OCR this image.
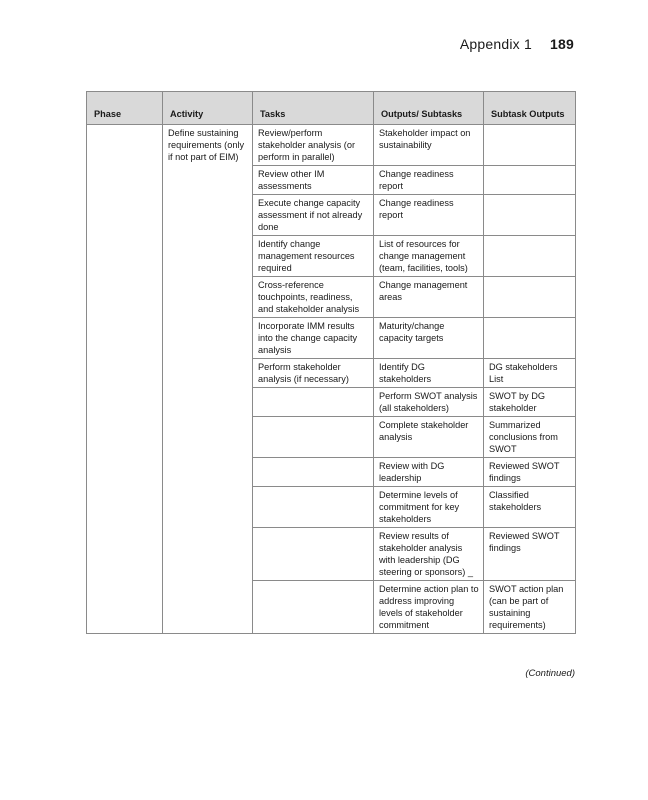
Appendix 1 189
Phase	Activity	Tasks	Outputs/ Subtasks	Subtask Outputs
	Define sustaining requirements (only if not part of EIM)	Review/perform stakeholder analysis (or perform in parallel)	Stakeholder impact on sustainability	
		Review other IM assessments	Change readiness report	
		Execute change capacity assessment if not already done	Change readiness report	
		Identify change management resources required	List of resources for change management (team, facilities, tools)	
		Cross-reference touchpoints, readiness, and stakeholder analysis	Change management areas	
		Incorporate IMM results into the change capacity analysis	Maturity/change capacity targets	
		Perform stakeholder analysis (if necessary)	Identify DG stakeholders	DG stakeholders List
			Perform SWOT analysis (all stakeholders)	SWOT by DG stakeholder
			Complete stakeholder analysis	Summarized conclusions from SWOT
			Review with DG leadership	Reviewed SWOT findings
			Determine levels of commitment for key stakeholders	Classified stakeholders
			Review results of stakeholder analysis with leadership (DG steering or sponsors) _	Reviewed SWOT findings
			Determine action plan to address improving levels of stakeholder commitment	SWOT action plan (can be part of sustaining requirements)
(Continued)
